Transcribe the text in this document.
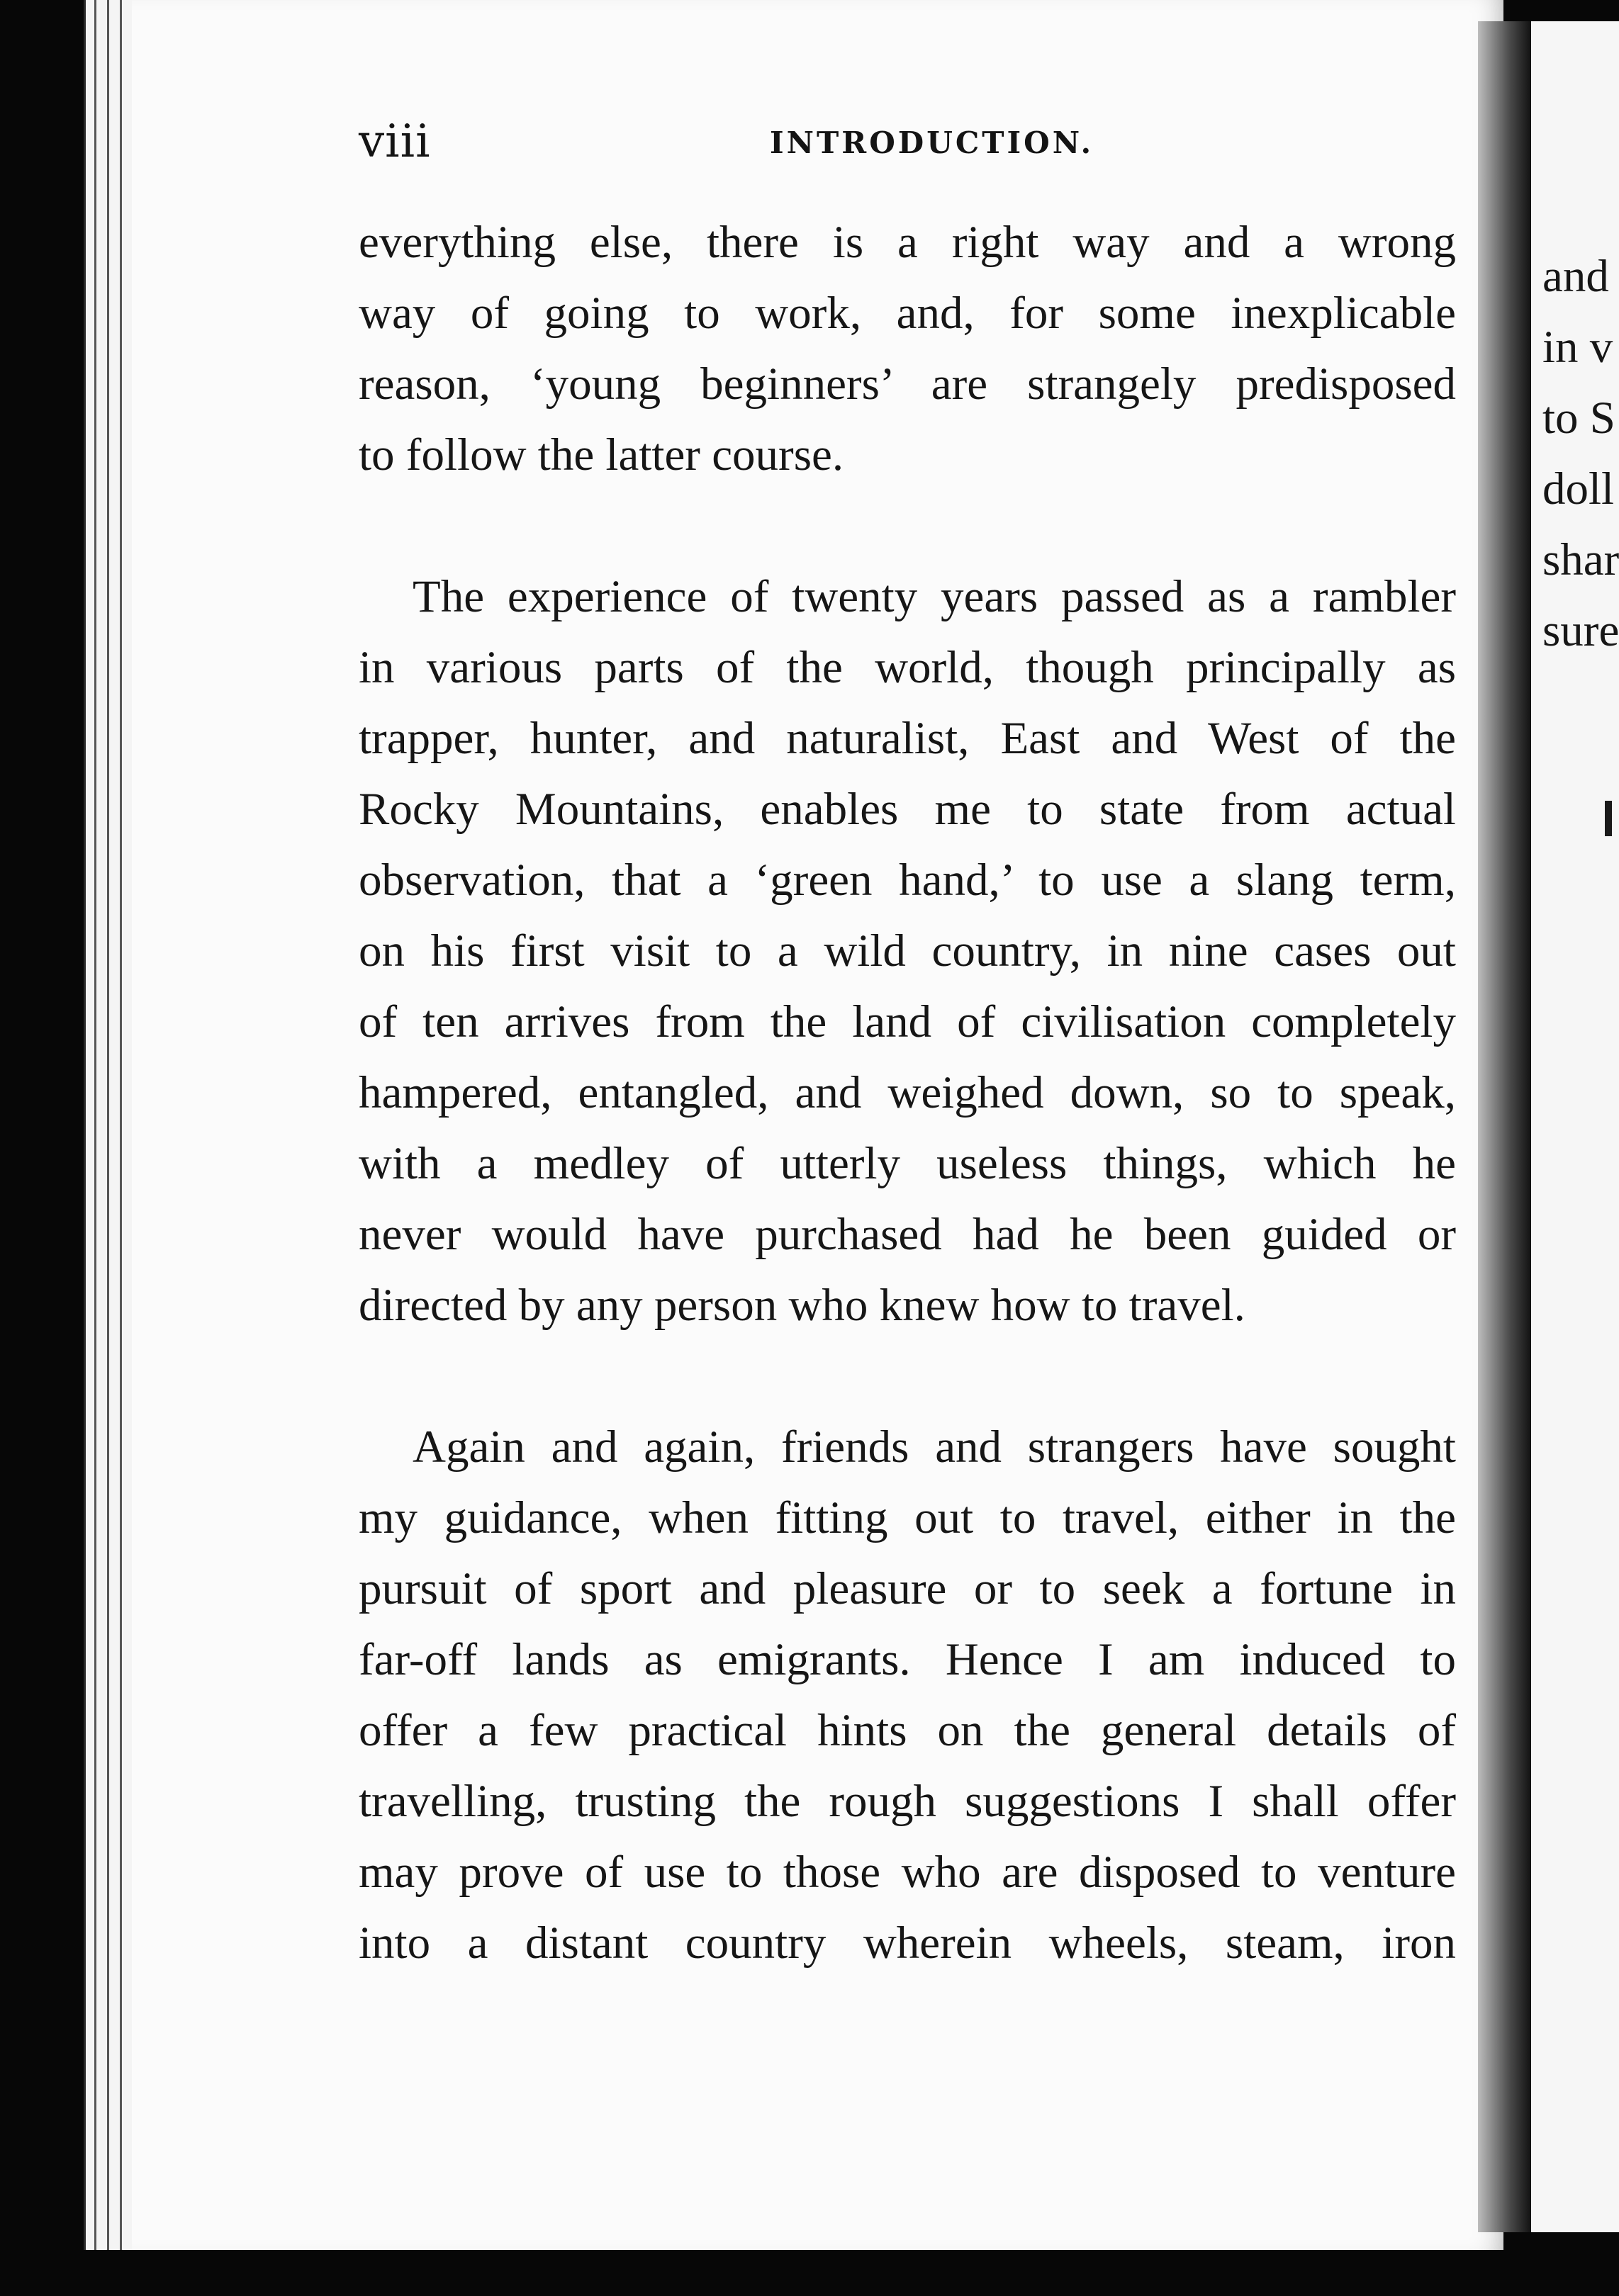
and
in v
to S
doll
shar
sure
viii	INTRODUCTION.
everything else, there is a right way and a wrong
way of going to work, and, for some inexplicable
reason, ‘young beginners’ are strangely predisposed
to follow the latter course.
The experience of twenty years passed as a rambler
in various parts of the world, though principally as
trapper, hunter, and naturalist, East and West of the
Rocky Mountains, enables me to state from actual
observation, that a ‘green hand,’ to use a slang term,
on his first visit to a wild country, in nine cases out
of ten arrives from the land of civilisation completely
hampered, entangled, and weighed down, so to speak,
with a medley of utterly useless things, which he
never would have purchased had he been guided or
directed by any person who knew how to travel.
Again and again, friends and strangers have sought
my guidance, when fitting out to travel, either in the
pursuit of sport and pleasure or to seek a fortune in
far-off lands as emigrants. Hence I am induced to
offer a few practical hints on the general details of
travelling, trusting the rough suggestions I shall offer
may prove of use to those who are disposed to venture
into a distant country wherein wheels, steam, iron
